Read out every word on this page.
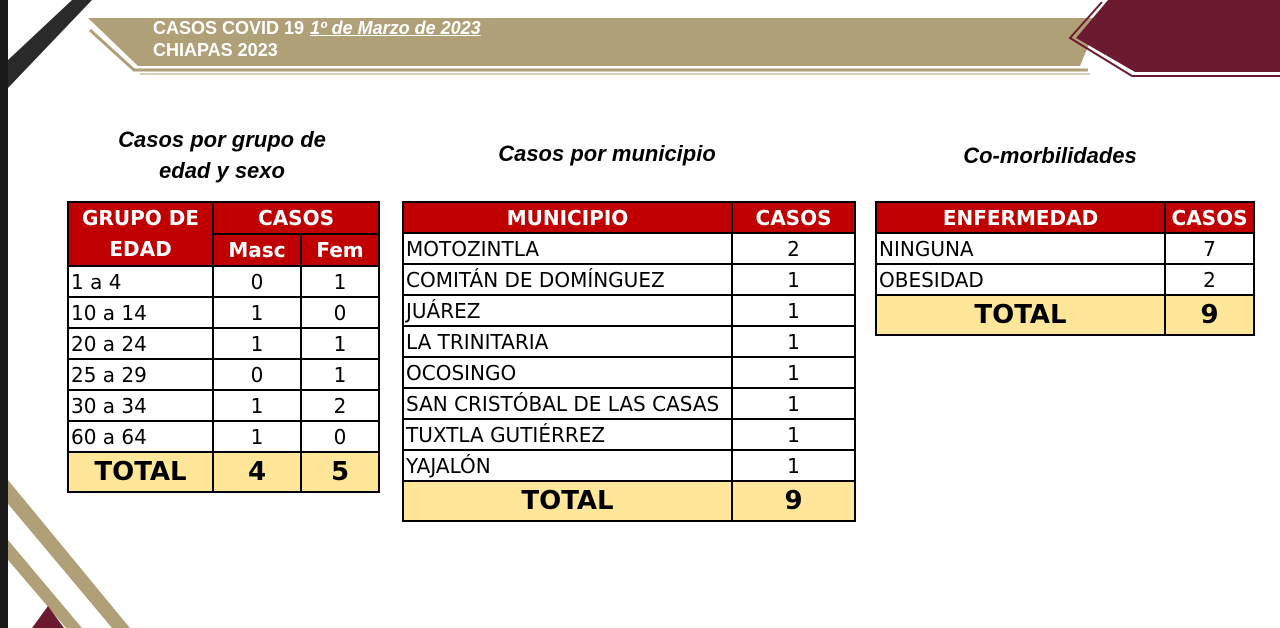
CASOS COVID 19 1º de Marzo de 2023
CHIAPAS 2023
Casos por grupo de edad y sexo
Casos por municipio	Co-morbilidades
GRUPO DE EDAD	CASOS	
	Masc	Fem
1 a 4	0	1
10 a 14	1	0
20 a 24	1	1
25 a 29	0	1
30 a 34	1	2
60 a 64	1	0
TOTAL	4	5
MUNICIPIO	CASOS
MOTOZINTLA	2
COMITÁN DE DOMÍNGUEZ	1
JUÁREZ	1
LA TRINITARIA	1
OCOSINGO	1
SAN CRISTÓBAL DE LAS CASAS	1
TUXTLA GUTIÉRREZ	1
YAJALÓN	1
TOTAL	9
ENFERMEDAD	CASOS
NINGUNA	7
OBESIDAD	2
TOTAL	9
